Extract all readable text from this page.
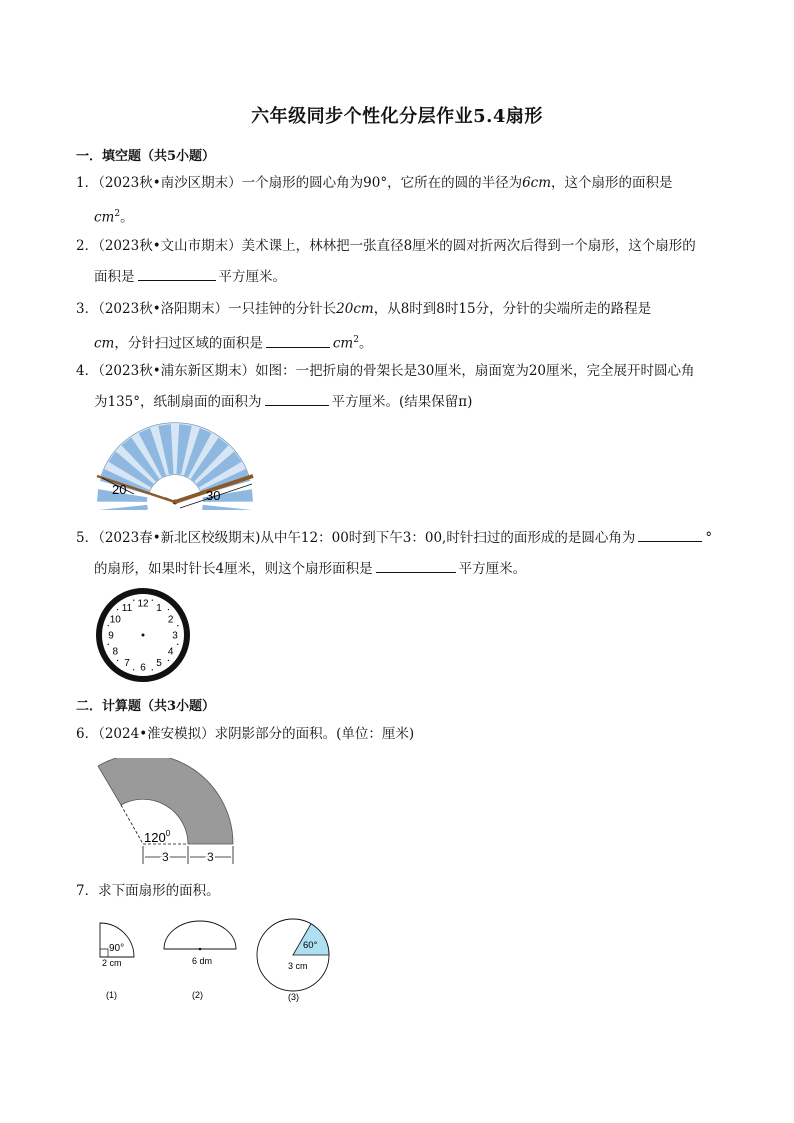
六年级同步个性化分层作业5.4扇形
一．填空题（共5小题）
1．（2023秋•南沙区期末）一个扇形的圆心角为90°，它所在的圆的半径为6cm，这个扇形的面积是
$cm^2$。
2．（2023秋•文山市期末）美术课上，林林把一张直径8厘米的圆对折两次后得到一个扇形，这个扇形的
面积是	平方厘米。
3．（2023秋•洛阳期末）一只挂钟的分针长20cm，从8时到8时15分，分针的尖端所走的路程是
cm，分针扫过区域的面积是	$cm^2$。
4．（2023秋•浦东新区期末）如图：一把折扇的骨架长是30厘米，扇面宽为20厘米，完全展开时圆心角
为135°，纸制扇面的面积为	平方厘米。(结果保留π)
20	30
5．（2023春•新北区校级期末)从中午12：00时到下午3：00,时针扫过的面形成的是圆心角为	°
的扇形，如果时针长4厘米，则这个扇形面积是	平方厘米。
12 1
2
3
4
5
6
7
8
9
10
11
二．计算题（共3小题）
6．（2024•淮安模拟）求阴影部分的面积。(单位：厘米)
$120^0$
3	3
7．求下面扇形的面积。
90°
2 cm
(1)
6 dm
(2)
60°
3 cm
(3)
